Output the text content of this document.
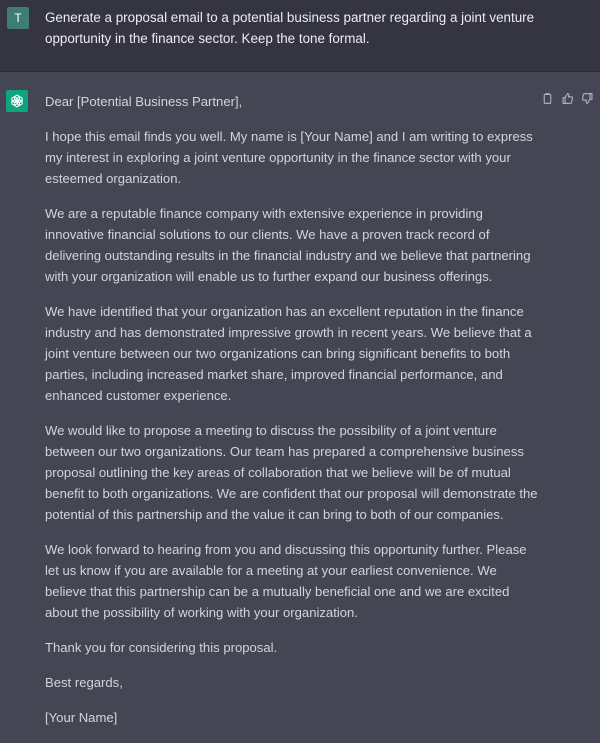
T	Generate a proposal email to a potential business partner regarding a joint venture opportunity in the finance sector. Keep the tone formal.

Dear [Potential Business Partner],

I hope this email finds you well. My name is [Your Name] and I am writing to express my interest in exploring a joint venture opportunity in the finance sector with your esteemed organization.

We are a reputable finance company with extensive experience in providing innovative financial solutions to our clients. We have a proven track record of delivering outstanding results in the financial industry and we believe that partnering with your organization will enable us to further expand our business offerings.

We have identified that your organization has an excellent reputation in the finance industry and has demonstrated impressive growth in recent years. We believe that a joint venture between our two organizations can bring significant benefits to both parties, including increased market share, improved financial performance, and enhanced customer experience.

We would like to propose a meeting to discuss the possibility of a joint venture between our two organizations. Our team has prepared a comprehensive business proposal outlining the key areas of collaboration that we believe will be of mutual benefit to both organizations. We are confident that our proposal will demonstrate the potential of this partnership and the value it can bring to both of our companies.

We look forward to hearing from you and discussing this opportunity further. Please let us know if you are available for a meeting at your earliest convenience. We believe that this partnership can be a mutually beneficial one and we are excited about the possibility of working with your organization.

Thank you for considering this proposal.

Best regards,

[Your Name]
